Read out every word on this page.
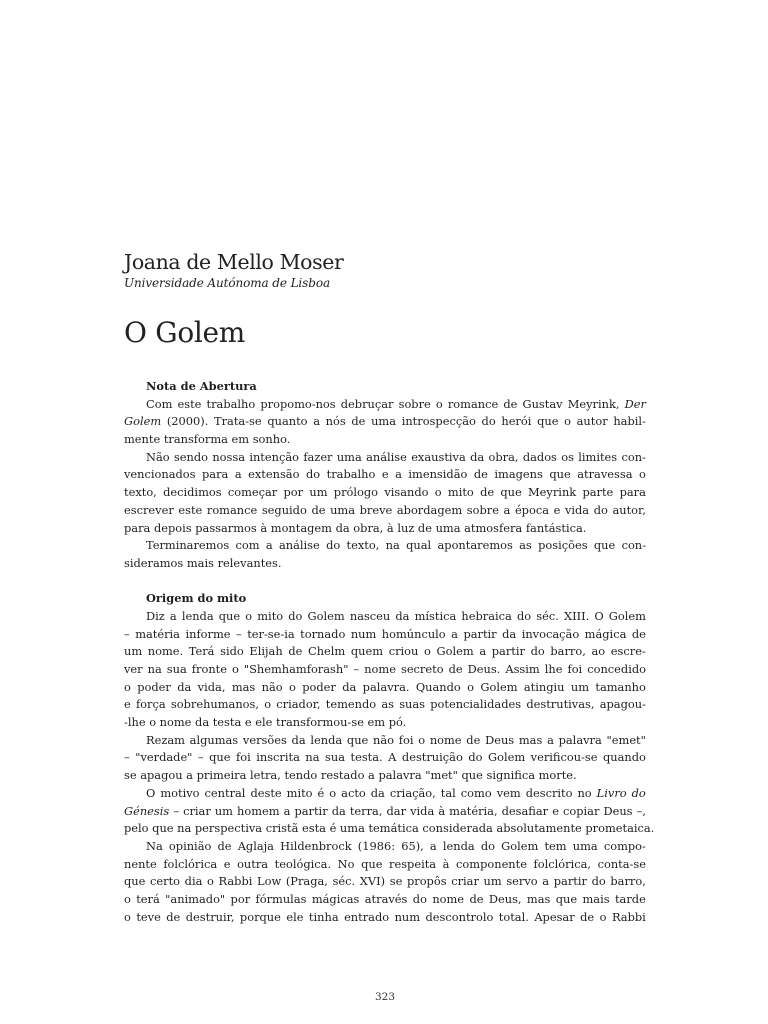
Joana de Mello Moser
Universidade Autónoma de Lisboa
O Golem
Nota de Abertura
Com este trabalho propomo-nos debruçar sobre o romance de Gustav Meyrink, Der
Golem (2000). Trata-se quanto a nós de uma introspecção do herói que o autor habil-
mente transforma em sonho.
Não sendo nossa intenção fazer uma análise exaustiva da obra, dados os limites con-
vencionados para a extensão do trabalho e a imensidão de imagens que atravessa o
texto, decidimos começar por um prólogo visando o mito de que Meyrink parte para
escrever este romance seguido de uma breve abordagem sobre a época e vida do autor,
para depois passarmos à montagem da obra, à luz de uma atmosfera fantástica.
Terminaremos com a análise do texto, na qual apontaremos as posições que con-
sideramos mais relevantes.
Origem do mito
Diz a lenda que o mito do Golem nasceu da mística hebraica do séc. XIII. O Golem
– matéria informe – ter-se-ia tornado num homúnculo a partir da invocação mágica de
um nome. Terá sido Elijah de Chelm quem criou o Golem a partir do barro, ao escre-
ver na sua fronte o "Shemhamforash" – nome secreto de Deus. Assim lhe foi concedido
o poder da vida, mas não o poder da palavra. Quando o Golem atingiu um tamanho
e força sobrehumanos, o criador, temendo as suas potencialidades destrutivas, apagou-
-lhe o nome da testa e ele transformou-se em pó.
Rezam algumas versões da lenda que não foi o nome de Deus mas a palavra "emet"
– "verdade" – que foi inscrita na sua testa. A destruição do Golem verificou-se quando
se apagou a primeira letra, tendo restado a palavra "met" que significa morte.
O motivo central deste mito é o acto da criação, tal como vem descrito no Livro do
Génesis – criar um homem a partir da terra, dar vida à matéria, desafiar e copiar Deus –,
pelo que na perspectiva cristã esta é uma temática considerada absolutamente prometaica.
Na opinião de Aglaja Hildenbrock (1986: 65), a lenda do Golem tem uma compo-
nente folclórica e outra teológica. No que respeita à componente folclórica, conta-se
que certo dia o Rabbi Low (Praga, séc. XVI) se propôs criar um servo a partir do barro,
o terá "animado" por fórmulas mágicas através do nome de Deus, mas que mais tarde
o teve de destruir, porque ele tinha entrado num descontrolo total. Apesar de o Rabbi
323
